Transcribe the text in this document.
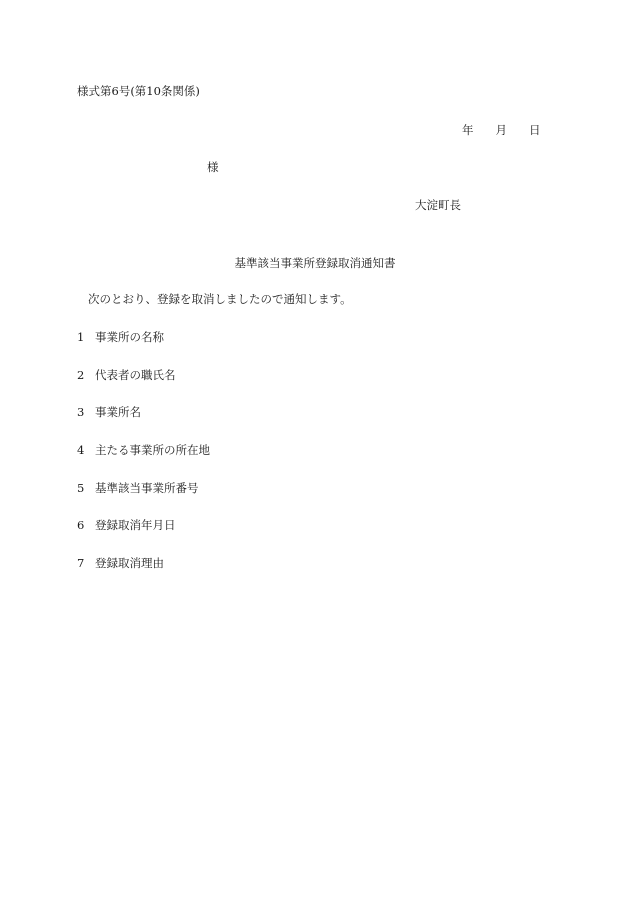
様式第6号(第10条関係)
年 月 日
様
大淀町長
基準該当事業所登録取消通知書
次のとおり、登録を取消しましたので通知します。
1 事業所の名称
2 代表者の職氏名
3 事業所名
4 主たる事業所の所在地
5 基準該当事業所番号
6 登録取消年月日
7 登録取消理由
